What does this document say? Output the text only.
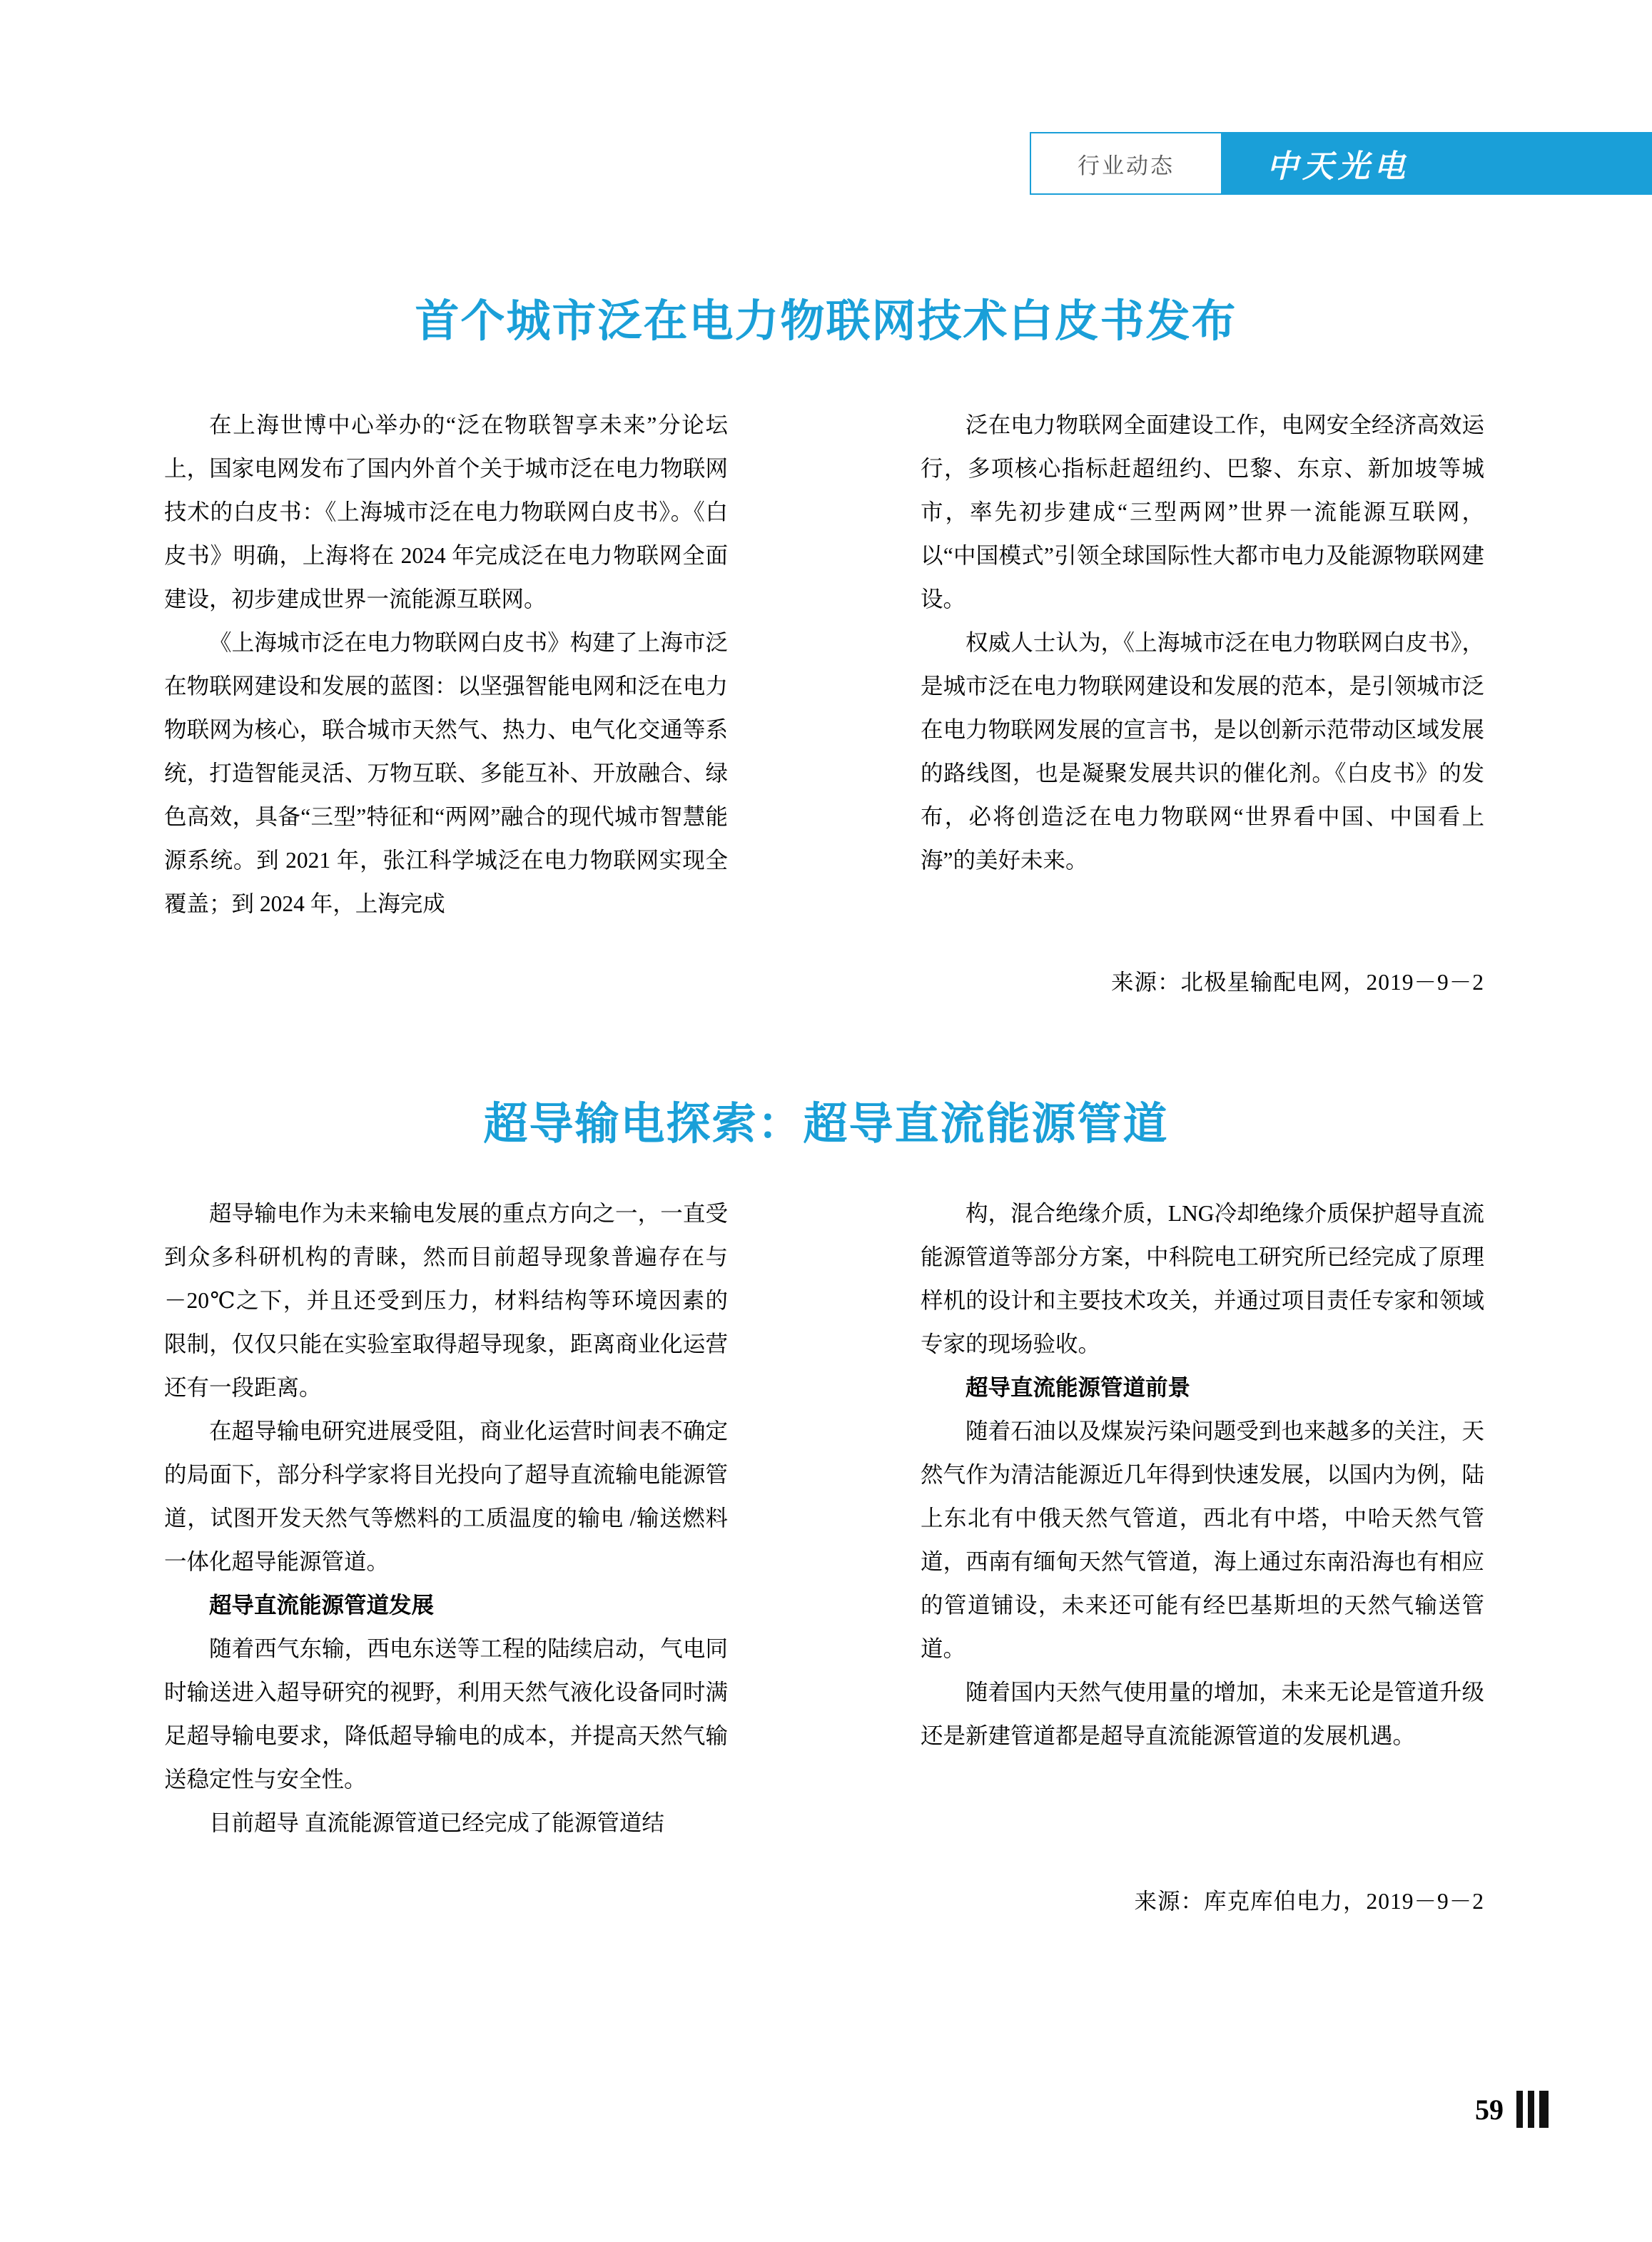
行业动态	中天光电
首个城市泛在电力物联网技术白皮书发布

在上海世博中心举办的“泛在物联智享未来”分论坛上，国家电网发布了国内外首个关于城市泛在电力物联网技术的白皮书：《上海城市泛在电力物联网白皮书》。《白皮书》明确，上海将在 2024 年完成泛在电力物联网全面建设，初步建成世界一流能源互联网。

《上海城市泛在电力物联网白皮书》构建了上海市泛在物联网建设和发展的蓝图：以坚强智能电网和泛在电力物联网为核心，联合城市天然气、热力、电气化交通等系统，打造智能灵活、万物互联、多能互补、开放融合、绿色高效，具备“三型”特征和“两网”融合的现代城市智慧能源系统。到 2021 年，张江科学城泛在电力物联网实现全覆盖；到 2024 年，上海完成

泛在电力物联网全面建设工作，电网安全经济高效运行，多项核心指标赶超纽约、巴黎、东京、新加坡等城市，率先初步建成“三型两网”世界一流能源互联网，以“中国模式”引领全球国际性大都市电力及能源物联网建设。

权威人士认为，《上海城市泛在电力物联网白皮书》，是城市泛在电力物联网建设和发展的范本，是引领城市泛在电力物联网发展的宣言书，是以创新示范带动区域发展的路线图，也是凝聚发展共识的催化剂。《白皮书》的发布，必将创造泛在电力物联网“世界看中国、中国看上海”的美好未来。

来源：北极星输配电网，2019－9－2
超导输电探索：超导直流能源管道

超导输电作为未来输电发展的重点方向之一，一直受到众多科研机构的青睐，然而目前超导现象普遍存在与 －20℃之下，并且还受到压力，材料结构等环境因素的限制，仅仅只能在实验室取得超导现象，距离商业化运营还有一段距离。

在超导输电研究进展受阻，商业化运营时间表不确定的局面下，部分科学家将目光投向了超导直流输电能源管道，试图开发天然气等燃料的工质温度的输电 /输送燃料一体化超导能源管道。

超导直流能源管道发展

随着西气东输，西电东送等工程的陆续启动，气电同时输送进入超导研究的视野，利用天然气液化设备同时满足超导输电要求，降低超导输电的成本，并提高天然气输送稳定性与安全性。

目前超导 直流能源管道已经完成了能源管道结

构，混合绝缘介质，LNG冷却绝缘介质保护超导直流能源管道等部分方案，中科院电工研究所已经完成了原理样机的设计和主要技术攻关，并通过项目责任专家和领域专家的现场验收。

超导直流能源管道前景

随着石油以及煤炭污染问题受到也来越多的关注，天然气作为清洁能源近几年得到快速发展，以国内为例，陆上东北有中俄天然气管道，西北有中塔，中哈天然气管道，西南有缅甸天然气管道，海上通过东南沿海也有相应的管道铺设，未来还可能有经巴基斯坦的天然气输送管道。

随着国内天然气使用量的增加，未来无论是管道升级还是新建管道都是超导直流能源管道的发展机遇。

来源：库克库伯电力，2019－9－2
59
